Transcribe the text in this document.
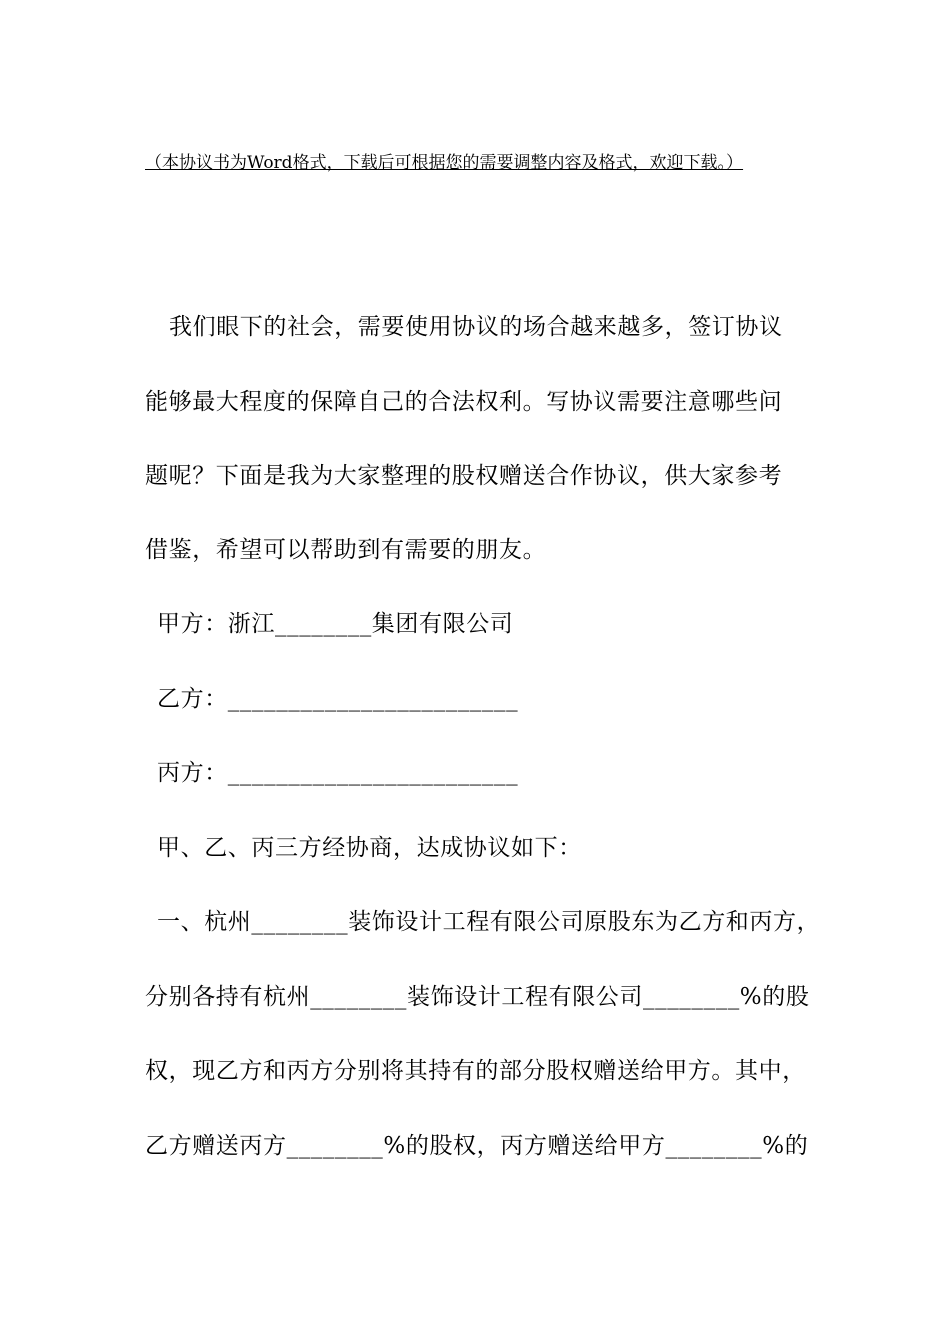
（本协议书为Word格式，下载后可根据您的需要调整内容及格式，欢迎下载。）
我们眼下的社会，需要使用协议的场合越来越多，签订协议
能够最大程度的保障自己的合法权利。写协议需要注意哪些问
题呢？下面是我为大家整理的股权赠送合作协议，供大家参考
借鉴，希望可以帮助到有需要的朋友。
甲方：浙江________集团有限公司
乙方：________________________
丙方：________________________
甲、乙、丙三方经协商，达成协议如下：
一、杭州________装饰设计工程有限公司原股东为乙方和丙方，
分别各持有杭州________装饰设计工程有限公司________%的股
权，现乙方和丙方分别将其持有的部分股权赠送给甲方。其中，
乙方赠送丙方________%的股权，丙方赠送给甲方________%的
